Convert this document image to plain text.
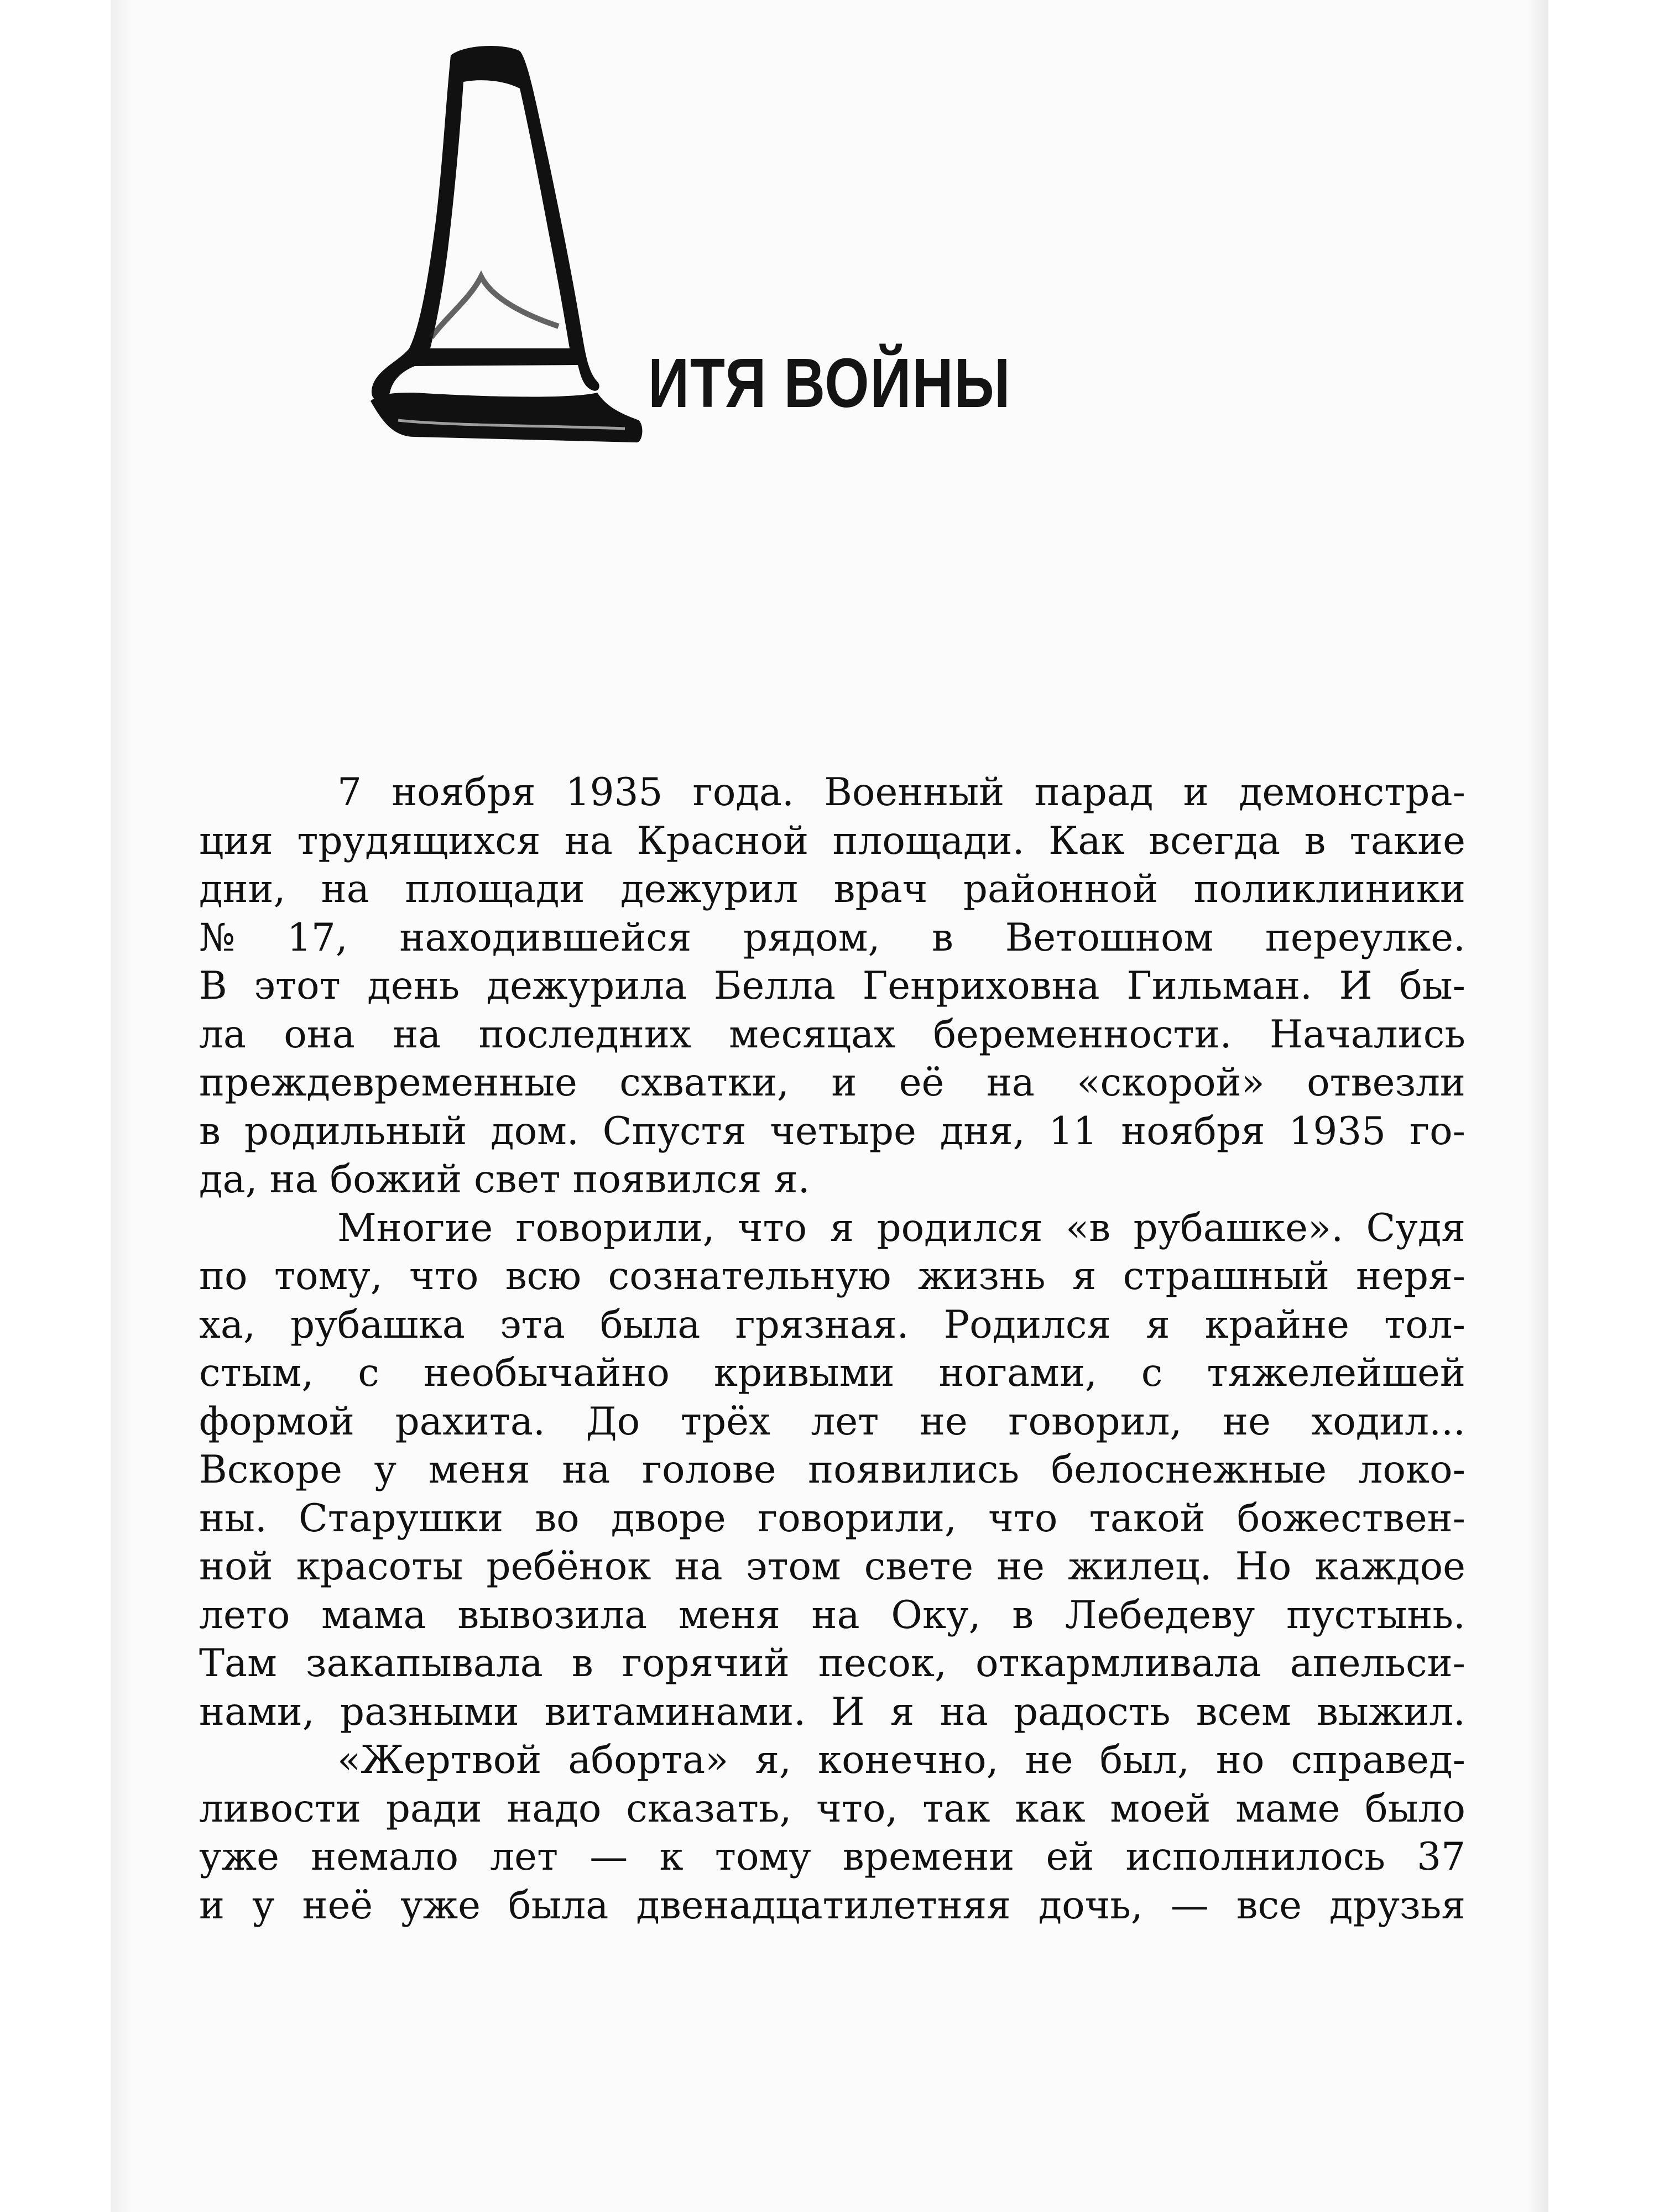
ИТЯ ВОЙНЫ
7 ноября 1935 года. Военный парад и демонстра-
ция трудящихся на Красной площади. Как всегда в такие
дни, на площади дежурил врач районной поликлиники
№ 17, находившейся рядом, в Ветошном переулке.
В этот день дежурила Белла Генриховна Гильман. И бы-
ла она на последних месяцах беременности. Начались
преждевременные схватки, и её на «скорой» отвезли
в родильный дом. Спустя четыре дня, 11 ноября 1935 го-
да, на божий свет появился я.
Многие говорили, что я родился «в рубашке». Судя
по тому, что всю сознательную жизнь я страшный неря-
ха, рубашка эта была грязная. Родился я крайне тол-
стым, с необычайно кривыми ногами, с тяжелейшей
формой рахита. До трёх лет не говорил, не ходил...
Вскоре у меня на голове появились белоснежные локо-
ны. Старушки во дворе говорили, что такой божествен-
ной красоты ребёнок на этом свете не жилец. Но каждое
лето мама вывозила меня на Оку, в Лебедеву пустынь.
Там закапывала в горячий песок, откармливала апельси-
нами, разными витаминами. И я на радость всем выжил.
«Жертвой аборта» я, конечно, не был, но справед-
ливости ради надо сказать, что, так как моей маме было
уже немало лет — к тому времени ей исполнилось 37
и у неё уже была двенадцатилетняя дочь, — все друзья
